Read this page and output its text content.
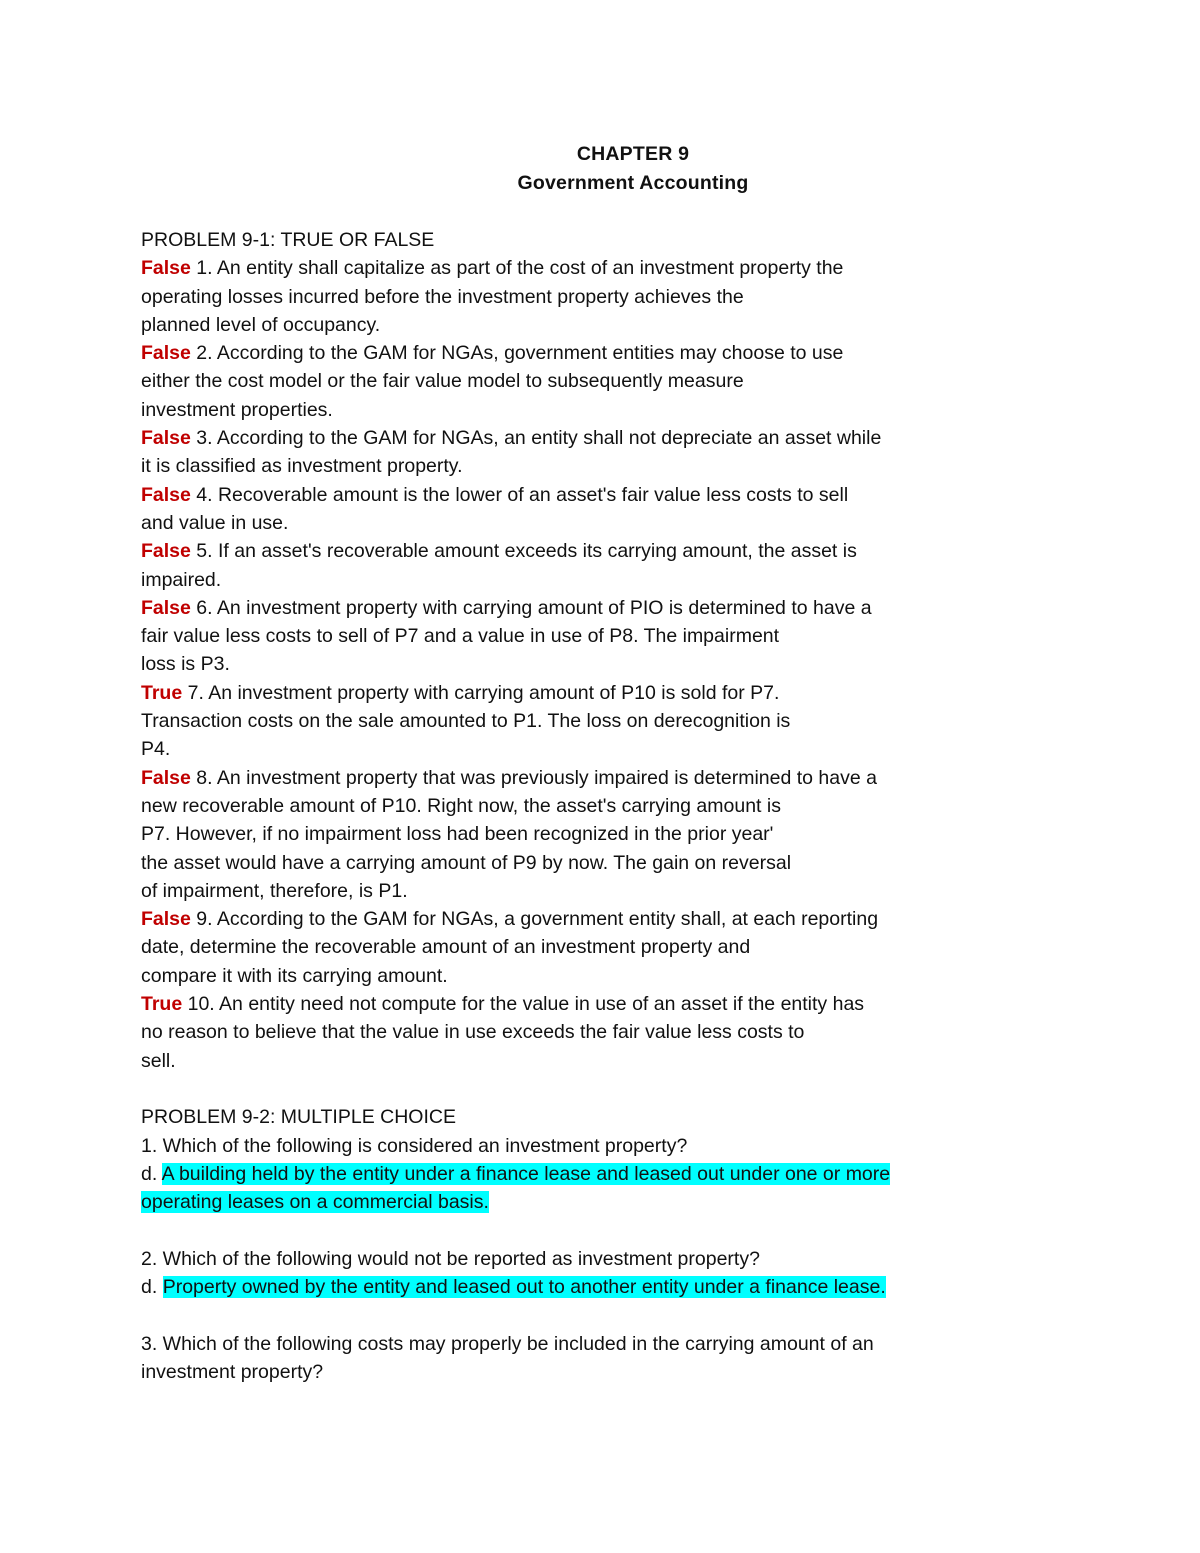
CHAPTER 9
Government Accounting
PROBLEM 9-1: TRUE OR FALSE
False 1. An entity shall capitalize as part of the cost of an investment property the
operating losses incurred before the investment property achieves the
planned level of occupancy.
False 2. According to the GAM for NGAs, government entities may choose to use
either the cost model or the fair value model to subsequently measure
investment properties.
False 3. According to the GAM for NGAs, an entity shall not depreciate an asset while
it is classified as investment property.
False 4. Recoverable amount is the lower of an asset's fair value less costs to sell
and value in use.
False 5. If an asset's recoverable amount exceeds its carrying amount, the asset is
impaired.
False 6. An investment property with carrying amount of PIO is determined to have a
fair value less costs to sell of P7 and a value in use of P8. The impairment
loss is P3.
True 7. An investment property with carrying amount of P10 is sold for P7.
Transaction costs on the sale amounted to P1. The loss on derecognition is
P4.
False 8. An investment property that was previously impaired is determined to have a
new recoverable amount of P10. Right now, the asset's carrying amount is
P7. However, if no impairment loss had been recognized in the prior year'
the asset would have a carrying amount of P9 by now. The gain on reversal
of impairment, therefore, is P1.
False 9. According to the GAM for NGAs, a government entity shall, at each reporting
date, determine the recoverable amount of an investment property and
compare it with its carrying amount.
True 10. An entity need not compute for the value in use of an asset if the entity has
no reason to believe that the value in use exceeds the fair value less costs to
sell.
PROBLEM 9-2: MULTIPLE CHOICE
1. Which of the following is considered an investment property?
d. A building held by the entity under a finance lease and leased out under one or more
operating leases on a commercial basis.
2. Which of the following would not be reported as investment property?
d. Property owned by the entity and leased out to another entity under a finance lease.
3. Which of the following costs may properly be included in the carrying amount of an
investment property?
